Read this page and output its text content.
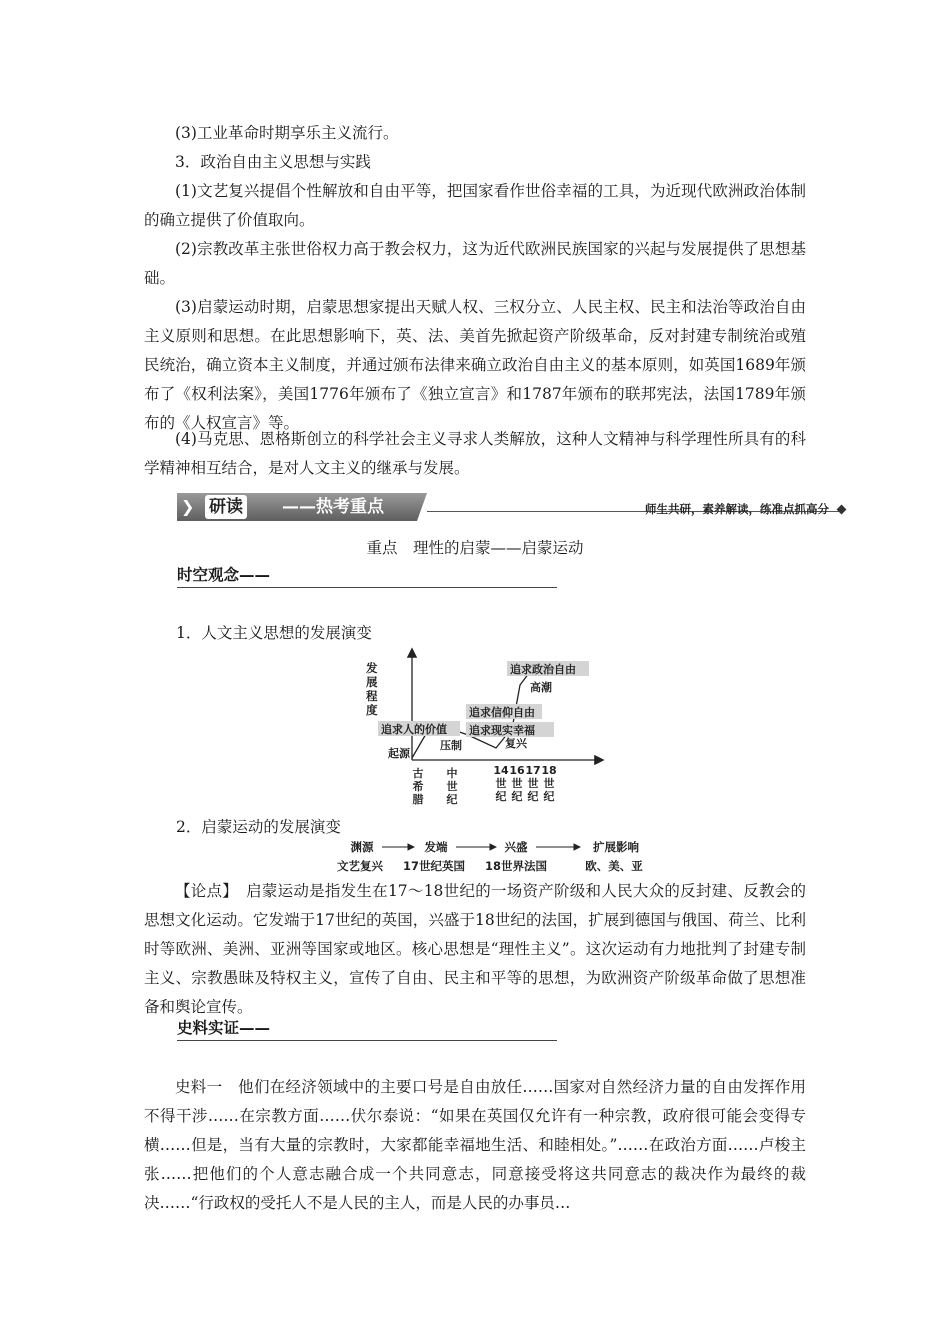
(3)工业革命时期享乐主义流行。

3．政治自由主义思想与实践

(1)文艺复兴提倡个性解放和自由平等，把国家看作世俗幸福的工具，为近现代欧洲政治体制的确立提供了价值取向。

(2)宗教改革主张世俗权力高于教会权力，这为近代欧洲民族国家的兴起与发展提供了思想基础。

(3)启蒙运动时期，启蒙思想家提出天赋人权、三权分立、人民主权、民主和法治等政治自由主义原则和思想。在此思想影响下，英、法、美首先掀起资产阶级革命，反对封建专制统治或殖民统治，确立资本主义制度，并通过颁布法律来确立政治自由主义的基本原则，如英国1689年颁布了《权利法案》，美国1776年颁布了《独立宣言》和1787年颁布的联邦宪法，法国1789年颁布的《人权宣言》等。

(4)马克思、恩格斯创立的科学社会主义寻求人类解放，这种人文精神与科学理性所具有的科学精神相互结合，是对人文主义的继承与发展。

❯ 研读 ——热考重点	师生共研，素养解读，练准点抓高分
重点　理性的启蒙——启蒙运动
时空观念——
1．人文主义思想的发展演变
发
展
程
度
起源
追求人的价值
压制	复兴
追求现实幸福
追求信仰自由
高潮
追求政治自由
古
希
腊
中
世
纪
14
世
纪
16
世
纪
17
世
纪
18
世
纪
2．启蒙运动的发展演变
渊源	发端	兴盛	扩展影响
文艺复兴 17世纪英国 18世界法国	欧、美、亚

【论点】　启蒙运动是指发生在17～18世纪的一场资产阶级和人民大众的反封建、反教会的思想文化运动。它发端于17世纪的英国，兴盛于18世纪的法国，扩展到德国与俄国、荷兰、比利时等欧洲、美洲、亚洲等国家或地区。核心思想是“理性主义”。这次运动有力地批判了封建专制主义、宗教愚昧及特权主义，宣传了自由、民主和平等的思想，为欧洲资产阶级革命做了思想准备和舆论宣传。

史料实证——

史料一　他们在经济领域中的主要口号是自由放任……国家对自然经济力量的自由发挥作用不得干涉……在宗教方面……伏尔泰说：“如果在英国仅允许有一种宗教，政府很可能会变得专横……但是，当有大量的宗教时，大家都能幸福地生活、和睦相处。”……在政治方面……卢梭主张……把他们的个人意志融合成一个共同意志，同意接受将这共同意志的裁决作为最终的裁决……“行政权的受托人不是人民的主人，而是人民的办事员…
